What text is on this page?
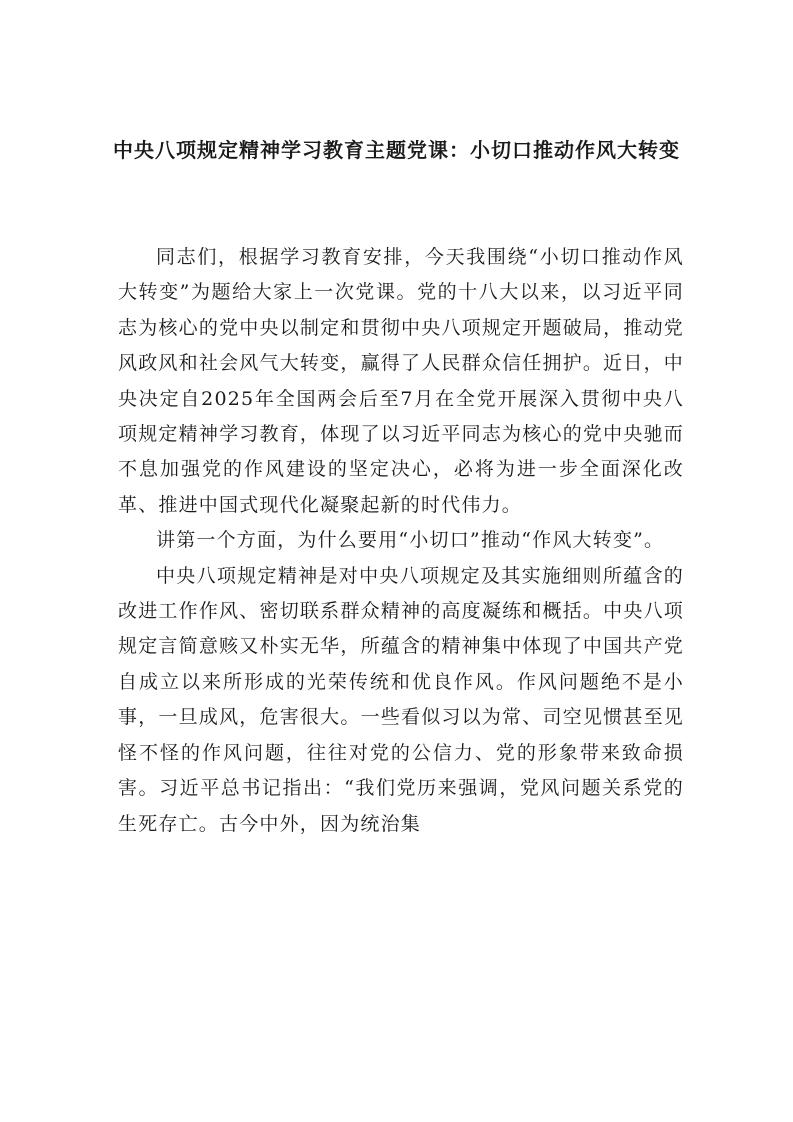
中央八项规定精神学习教育主题党课：小切口推动作风大转变

同志们，根据学习教育安排，今天我围绕“小切口推动作风大转变”为题给大家上一次党课。党的十八大以来，以习近平同志为核心的党中央以制定和贯彻中央八项规定开题破局，推动党风政风和社会风气大转变，赢得了人民群众信任拥护。近日，中央决定自2025年全国两会后至7月在全党开展深入贯彻中央八项规定精神学习教育，体现了以习近平同志为核心的党中央驰而不息加强党的作风建设的坚定决心，必将为进一步全面深化改革、推进中国式现代化凝聚起新的时代伟力。

讲第一个方面，为什么要用“小切口”推动“作风大转变”。

中央八项规定精神是对中央八项规定及其实施细则所蕴含的改进工作作风、密切联系群众精神的高度凝练和概括。中央八项规定言简意赅又朴实无华，所蕴含的精神集中体现了中国共产党自成立以来所形成的光荣传统和优良作风。作风问题绝不是小事，一旦成风，危害很大。一些看似习以为常、司空见惯甚至见怪不怪的作风问题，往往对党的公信力、党的形象带来致命损害。习近平总书记指出：“我们党历来强调，党风问题关系党的生死存亡。古今中外，因为统治集
